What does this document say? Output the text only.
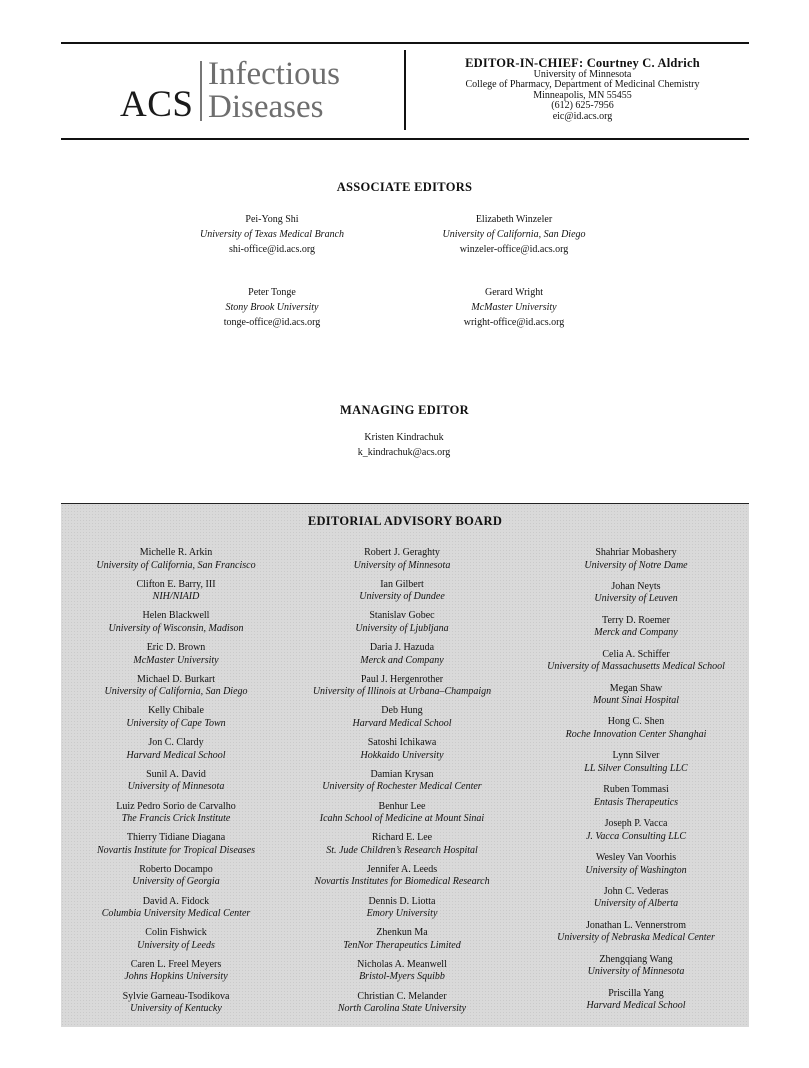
ACS
Infectious
Diseases
EDITOR-IN-CHIEF: Courtney C. Aldrich
University of Minnesota
College of Pharmacy, Department of Medicinal Chemistry
Minneapolis, MN 55455
(612) 625-7956
eic@id.acs.org
ASSOCIATE EDITORS
Pei-Yong Shi
University of Texas Medical Branch
shi-office@id.acs.org
Elizabeth Winzeler
University of California, San Diego
winzeler-office@id.acs.org
Peter Tonge
Stony Brook University
tonge-office@id.acs.org
Gerard Wright
McMaster University
wright-office@id.acs.org
MANAGING EDITOR
Kristen Kindrachuk
k_kindrachuk@acs.org
EDITORIAL ADVISORY BOARD
Michelle R. Arkin
University of California, San Francisco
Clifton E. Barry, III
NIH/NIAID
Helen Blackwell
University of Wisconsin, Madison
Eric D. Brown
McMaster University
Michael D. Burkart
University of California, San Diego
Kelly Chibale
University of Cape Town
Jon C. Clardy
Harvard Medical School
Sunil A. David
University of Minnesota
Luiz Pedro Sorio de Carvalho
The Francis Crick Institute
Thierry Tidiane Diagana
Novartis Institute for Tropical Diseases
Roberto Docampo
University of Georgia
David A. Fidock
Columbia University Medical Center
Colin Fishwick
University of Leeds
Caren L. Freel Meyers
Johns Hopkins University
Sylvie Garneau-Tsodikova
University of Kentucky
Robert J. Geraghty
University of Minnesota
Ian Gilbert
University of Dundee
Stanislav Gobec
University of Ljubljana
Daria J. Hazuda
Merck and Company
Paul J. Hergenrother
University of Illinois at Urbana–Champaign
Deb Hung
Harvard Medical School
Satoshi Ichikawa
Hokkaido University
Damian Krysan
University of Rochester Medical Center
Benhur Lee
Icahn School of Medicine at Mount Sinai
Richard E. Lee
St. Jude Children’s Research Hospital
Jennifer A. Leeds
Novartis Institutes for Biomedical Research
Dennis D. Liotta
Emory University
Zhenkun Ma
TenNor Therapeutics Limited
Nicholas A. Meanwell
Bristol-Myers Squibb
Christian C. Melander
North Carolina State University
Shahriar Mobashery
University of Notre Dame
Johan Neyts
University of Leuven
Terry D. Roemer
Merck and Company
Celia A. Schiffer
University of Massachusetts Medical School
Megan Shaw
Mount Sinai Hospital
Hong C. Shen
Roche Innovation Center Shanghai
Lynn Silver
LL Silver Consulting LLC
Ruben Tommasi
Entasis Therapeutics
Joseph P. Vacca
J. Vacca Consulting LLC
Wesley Van Voorhis
University of Washington
John C. Vederas
University of Alberta
Jonathan L. Vennerstrom
University of Nebraska Medical Center
Zhengqiang Wang
University of Minnesota
Priscilla Yang
Harvard Medical School
